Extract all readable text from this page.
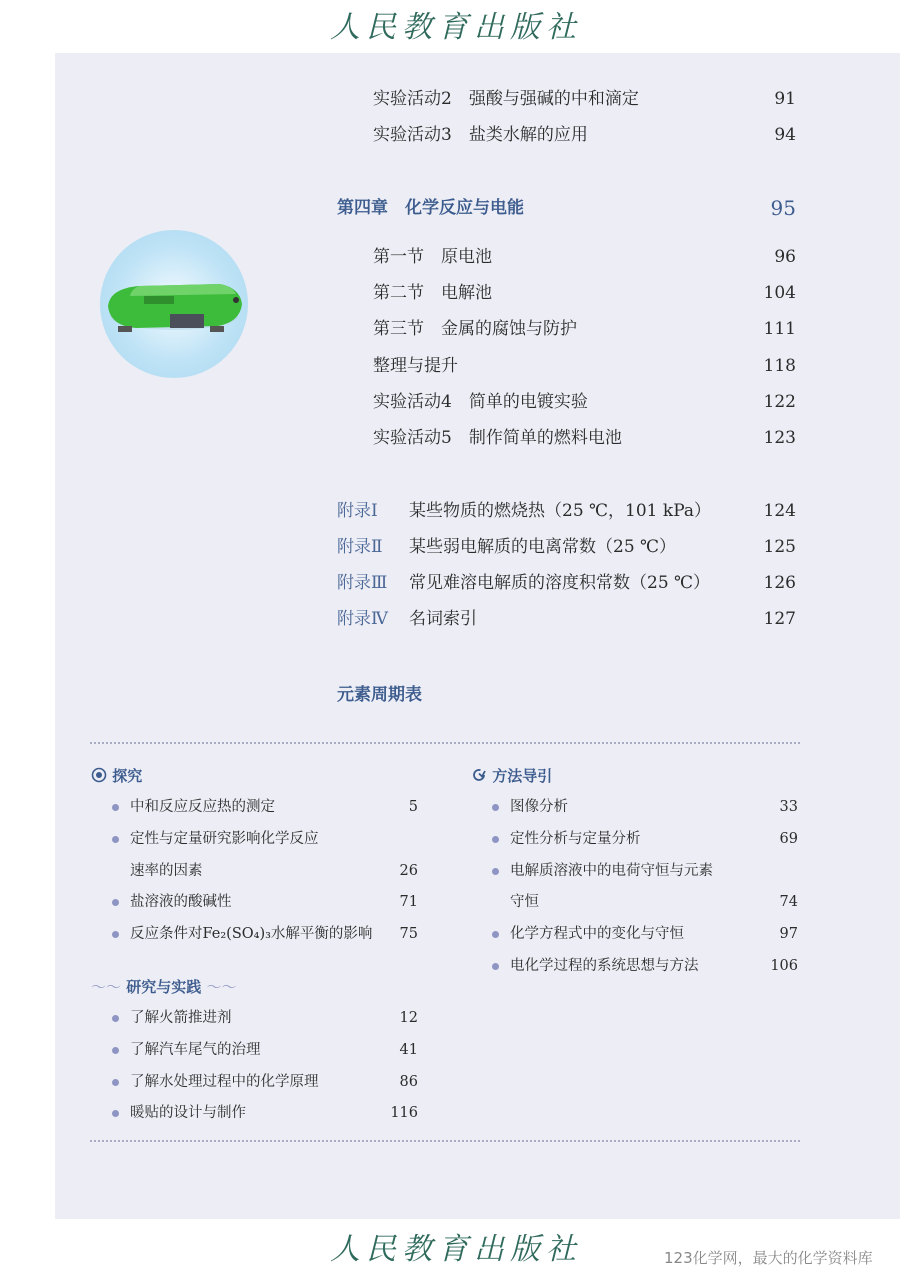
人民教育出版社

实验活动2　强酸与强碱的中和滴定	91
实验活动3　盐类水解的应用	94
第四章　化学反应与电能	95
第一节　原电池	96
第二节　电解池	104
第三节　金属的腐蚀与防护	111
整理与提升	118
实验活动4　简单的电镀实验	122
实验活动5　制作简单的燃料电池	123
附录Ⅰ 某些物质的燃烧热（25 ℃，101 kPa）	124
附录Ⅱ 某些弱电解质的电离常数（25 ℃）	125
附录Ⅲ 常见难溶电解质的溶度积常数（25 ℃）	126
附录Ⅳ 名词索引	127
元素周期表
探究
中和反应反应热的测定	5
定性与定量研究影响化学反应
速率的因素	26
盐溶液的酸碱性	71
反应条件对Fe₂(SO₄)₃水解平衡的影响 75
〜〜 研究与实践 〜〜
了解火箭推进剂	12
了解汽车尾气的治理	41
了解水处理过程中的化学原理	86
暖贴的设计与制作	116
方法导引
图像分析	33
定性分析与定量分析	69
电解质溶液中的电荷守恒与元素
守恒	74
化学方程式中的变化与守恒	97
电化学过程的系统思想与方法	106
人民教育出版社	123化学网，最大的化学资料库
